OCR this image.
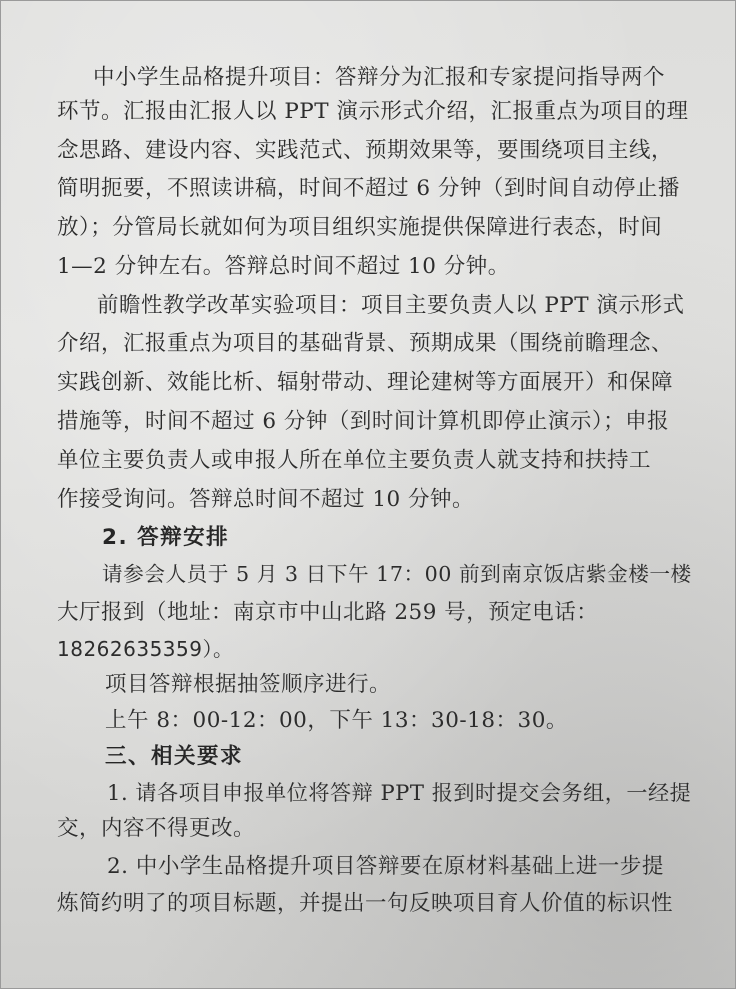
中小学生品格提升项目：答辩分为汇报和专家提问指导两个

环节。汇报由汇报人以 PPT 演示形式介绍，汇报重点为项目的理

念思路、建设内容、实践范式、预期效果等，要围绕项目主线，

简明扼要，不照读讲稿，时间不超过 6 分钟（到时间自动停止播

放）；分管局长就如何为项目组织实施提供保障进行表态，时间

1—2 分钟左右。答辩总时间不超过 10 分钟。

前瞻性教学改革实验项目：项目主要负责人以 PPT 演示形式

介绍，汇报重点为项目的基础背景、预期成果（围绕前瞻理念、

实践创新、效能比析、辐射带动、理论建树等方面展开）和保障

措施等，时间不超过 6 分钟（到时间计算机即停止演示）；申报

单位主要负责人或申报人所在单位主要负责人就支持和扶持工

作接受询问。答辩总时间不超过 10 分钟。

2. 答辩安排

请参会人员于 5 月 3 日下午 17：00 前到南京饭店紫金楼一楼

大厅报到（地址：南京市中山北路 259 号，预定电话：

18262635359）。

项目答辩根据抽签顺序进行。

上午 8：00-12：00，下午 13：30-18：30。

三、相关要求

1. 请各项目申报单位将答辩 PPT 报到时提交会务组，一经提

交，内容不得更改。

2. 中小学生品格提升项目答辩要在原材料基础上进一步提

炼简约明了的项目标题，并提出一句反映项目育人价值的标识性
